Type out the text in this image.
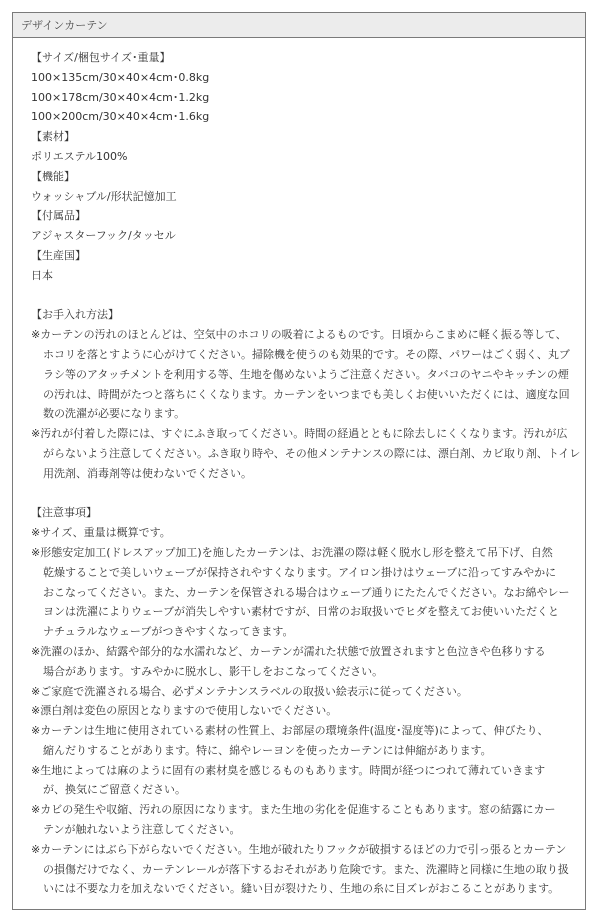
デザインカーテン
【サイズ/梱包サイズ･重量】
100×135cm/30×40×4cm･0.8kg
100×178cm/30×40×4cm･1.2kg
100×200cm/30×40×4cm･1.6kg
【素材】
ポリエステル100%
【機能】
ウォッシャブル/形状記憶加工
【付属品】
アジャスターフック/タッセル
【生産国】
日本
【お手入れ方法】
※カーテンの汚れのほとんどは、空気中のホコリの吸着によるものです。日頃からこまめに軽く振る等して、
ホコリを落とすように心がけてください。掃除機を使うのも効果的です。その際、パワーはごく弱く、丸ブ
ラシ等のアタッチメントを利用する等、生地を傷めないようご注意ください。タバコのヤニやキッチンの煙
の汚れは、時間がたつと落ちにくくなります。カーテンをいつまでも美しくお使いいただくには、適度な回
数の洗濯が必要になります。
※汚れが付着した際には、すぐにふき取ってください。時間の経過とともに除去しにくくなります。汚れが広
がらないよう注意してください。ふき取り時や、その他メンテナンスの際には、漂白剤、カビ取り剤、トイレ
用洗剤、消毒剤等は使わないでください。
【注意事項】
※サイズ、重量は概算です。
※形態安定加工(ドレスアップ加工)を施したカーテンは、お洗濯の際は軽く脱水し形を整えて吊下げ、自然
乾燥することで美しいウェーブが保持されやすくなります。アイロン掛けはウェーブに沿ってすみやかに
おこなってください。また、カーテンを保管される場合はウェーブ通りにたたんでください。なお綿やレー
ヨンは洗濯によりウェーブが消失しやすい素材ですが、日常のお取扱いでヒダを整えてお使いいただくと
ナチュラルなウェーブがつきやすくなってきます。
※洗濯のほか、結露や部分的な水濡れなど、カーテンが濡れた状態で放置されますと色泣きや色移りする
場合があります。すみやかに脱水し、影干しをおこなってください。
※ご家庭で洗濯される場合、必ずメンテナンスラベルの取扱い絵表示に従ってください。
※漂白剤は変色の原因となりますので使用しないでください。
※カーテンは生地に使用されている素材の性質上、お部屋の環境条件(温度･湿度等)によって、伸びたり、
縮んだりすることがあります。特に、綿やレーヨンを使ったカーテンには伸縮があります。
※生地によっては麻のように固有の素材臭を感じるものもあります。時間が経つにつれて薄れていきます
が、換気にご留意ください。
※カビの発生や収縮、汚れの原因になります。また生地の劣化を促進することもあります。窓の結露にカー
テンが触れないよう注意してください。
※カーテンにはぶら下がらないでください。生地が破れたりフックが破損するほどの力で引っ張るとカーテン
の損傷だけでなく、カーテンレールが落下するおそれがあり危険です。また、洗濯時と同様に生地の取り扱
いには不要な力を加えないでください。縫い目が裂けたり、生地の糸に目ズレがおこることがあります。
